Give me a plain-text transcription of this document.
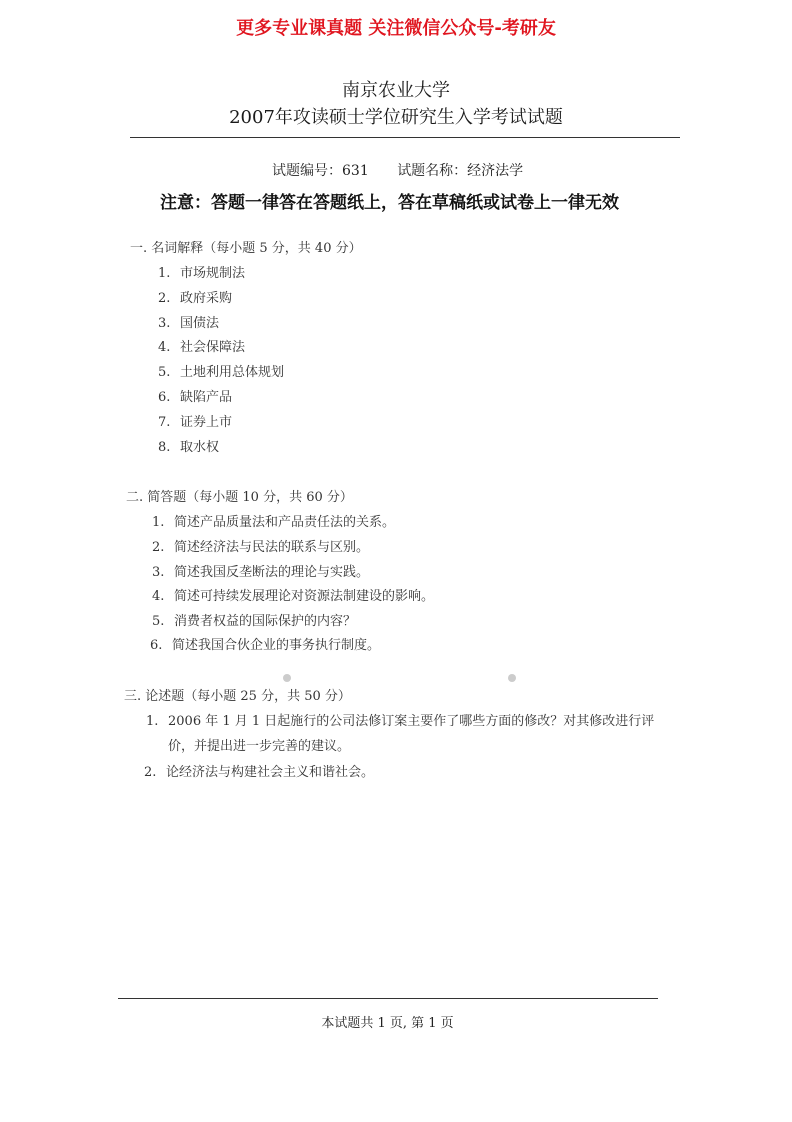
更多专业课真题 关注微信公众号-考研友
南京农业大学
2007年攻读硕士学位研究生入学考试试题
试题编号：631 试题名称：经济法学
注意：答题一律答在答题纸上，答在草稿纸或试卷上一律无效
一. 名词解释（每小题 5 分，共 40 分）
1. 市场规制法
2. 政府采购
3. 国债法
4. 社会保障法
5. 土地利用总体规划
6. 缺陷产品
7. 证券上市
8. 取水权
二. 简答题（每小题 10 分，共 60 分）
1. 简述产品质量法和产品责任法的关系。
2. 简述经济法与民法的联系与区别。
3. 简述我国反垄断法的理论与实践。
4. 简述可持续发展理论对资源法制建设的影响。
5. 消费者权益的国际保护的内容？
6. 简述我国合伙企业的事务执行制度。
三. 论述题（每小题 25 分，共 50 分）
1. 2006 年 1 月 1 日起施行的公司法修订案主要作了哪些方面的修改？对其修改进行评
价，并提出进一步完善的建议。
2. 论经济法与构建社会主义和谐社会。
本试题共 1 页, 第 1 页
